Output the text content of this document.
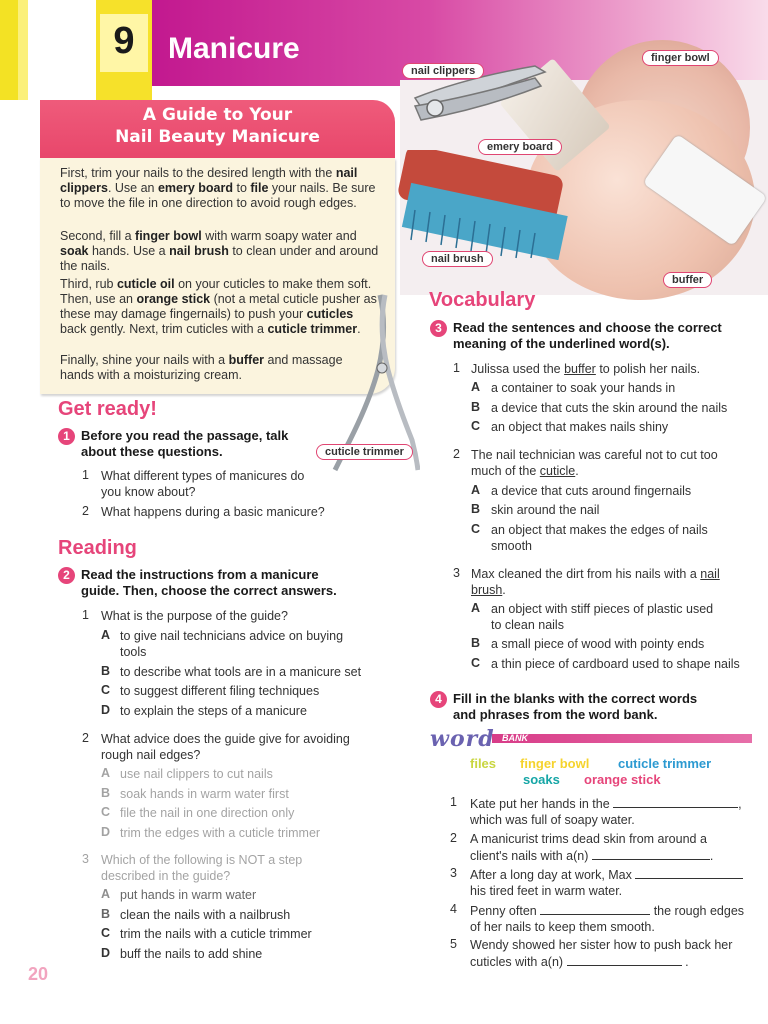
9	Manicure
nail clippers
finger bowl
emery board
nail brush
buffer
A Guide to Your
Nail Beauty Manicure
First, trim your nails to the desired length with the nail clippers. Use an emery board to file your nails. Be sure to move the file in one direction to avoid rough edges.
Second, fill a finger bowl with warm soapy water and soak hands. Use a nail brush to clean under and around the nails.
Third, rub cuticle oil on your cuticles to make them soft. Then, use an orange stick (not a metal cuticle pusher as these may damage fingernails) to push your cuticles back gently. Next, trim cuticles with a cuticle trimmer.
Finally, shine your nails with a buffer and massage hands with a moisturizing cream.
cuticle trimmer
Get ready!
1 Before you read the passage, talk
about these questions.
1 What different types of manicures do
you know about?
2 What happens during a basic manicure?
Reading
2 Read the instructions from a manicure
guide. Then, choose the correct answers.
1 What is the purpose of the guide?
A to give nail technicians advice on buying
tools
B to describe what tools are in a manicure set
C to suggest different filing techniques
D to explain the steps of a manicure
2 What advice does the guide give for avoiding
rough nail edges?
A use nail clippers to cut nails
B soak hands in warm water first
C file the nail in one direction only
D trim the edges with a cuticle trimmer
3 Which of the following is NOT a step
described in the guide?
A put hands in warm water
B clean the nails with a nailbrush
C trim the nails with a cuticle trimmer
D buff the nails to add shine
Vocabulary
3 Read the sentences and choose the correct
meaning of the underlined word(s).
1 Julissa used the buffer to polish her nails.
A a container to soak your hands in
B a device that cuts the skin around the nails
C an object that makes nails shiny
2 The nail technician was careful not to cut too
much of the cuticle.
A a device that cuts around fingernails
B skin around the nail
C an object that makes the edges of nails
smooth
3 Max cleaned the dirt from his nails with a nail
brush.
A an object with stiff pieces of plastic used
to clean nails
B a small piece of wood with pointy ends
C a thin piece of cardboard used to shape nails
4 Fill in the blanks with the correct words
and phrases from the word bank.
word BANK
files finger bowl cuticle trimmer
soaks orange stick
1 Kate put her hands in the	,
which was full of soapy water.
2 A manicurist trims dead skin from around a
client's nails with a(n)	.
3 After a long day at work, Max
his tired feet in warm water.
4 Penny often	the rough edges
of her nails to keep them smooth.
5 Wendy showed her sister how to push back her
cuticles with a(n)	.
20
